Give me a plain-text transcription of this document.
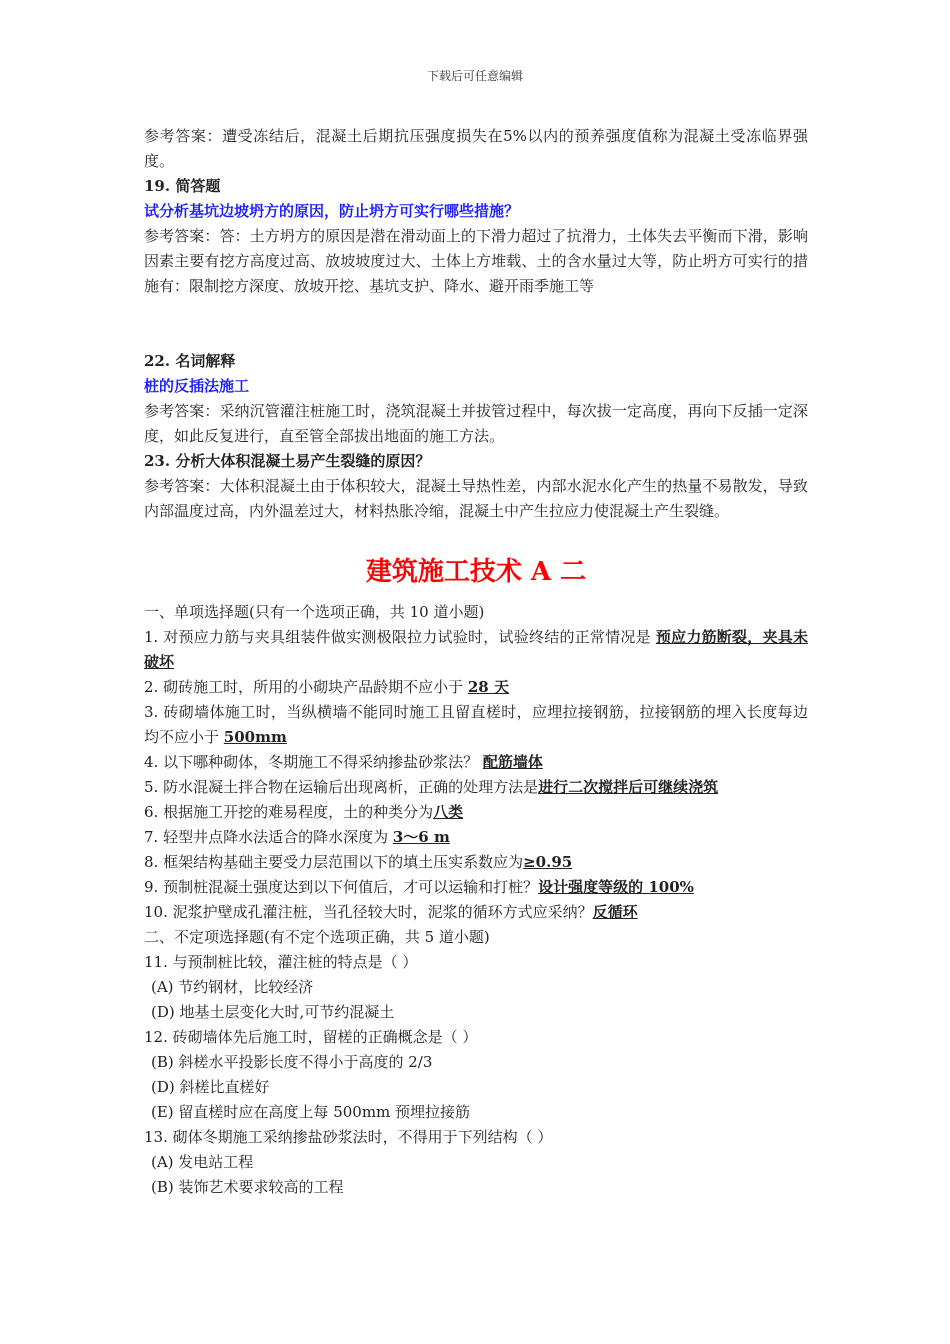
下载后可任意编辑

参考答案：遭受冻结后，混凝土后期抗压强度损失在5%以内的预养强度值称为混凝土受冻临界强度。

19. 简答题

试分析基坑边坡坍方的原因，防止坍方可实行哪些措施？

参考答案：答：土方坍方的原因是潜在滑动面上的下滑力超过了抗滑力，土体失去平衡而下滑，影响因素主要有挖方高度过高、放坡坡度过大、土体上方堆载、土的含水量过大等，防止坍方可实行的措施有：限制挖方深度、放坡开挖、基坑支护、降水、避开雨季施工等

22. 名词解释

桩的反插法施工

参考答案：采纳沉管灌注桩施工时，浇筑混凝土并拔管过程中，每次拔一定高度，再向下反插一定深度，如此反复进行，直至管全部拔出地面的施工方法。

23. 分析大体积混凝土易产生裂缝的原因？

参考答案：大体积混凝土由于体积较大，混凝土导热性差，内部水泥水化产生的热量不易散发，导致内部温度过高，内外温差过大，材料热胀冷缩，混凝土中产生拉应力使混凝土产生裂缝。

建筑施工技术 A 二

一、单项选择题(只有一个选项正确，共 10 道小题)

1. 对预应力筋与夹具组装件做实测极限拉力试验时，试验终结的正常情况是 预应力筋断裂，夹具未破坏

2. 砌砖施工时，所用的小砌块产品龄期不应小于 28 天

3. 砖砌墙体施工时，当纵横墙不能同时施工且留直槎时，应埋拉接钢筋，拉接钢筋的埋入长度每边均不应小于 500mm

4. 以下哪种砌体，冬期施工不得采纳掺盐砂浆法？ 配筋墙体

5. 防水混凝土拌合物在运输后出现离析，正确的处理方法是进行二次搅拌后可继续浇筑

6. 根据施工开挖的难易程度，土的种类分为八类

7. 轻型井点降水法适合的降水深度为 3～6 m

8. 框架结构基础主要受力层范围以下的填土压实系数应为≥0.95

9. 预制桩混凝土强度达到以下何值后，才可以运输和打桩？设计强度等级的 100%

10. 泥浆护壁成孔灌注桩，当孔径较大时，泥浆的循环方式应采纳？反循环

二、不定项选择题(有不定个选项正确，共 5 道小题)

11. 与预制桩比较，灌注桩的特点是（ ）

(A) 节约钢材，比较经济

(D) 地基土层变化大时,可节约混凝土

12. 砖砌墙体先后施工时，留槎的正确概念是（ ）

(B) 斜槎水平投影长度不得小于高度的 2/3

(D) 斜槎比直槎好

(E) 留直槎时应在高度上每 500mm 预埋拉接筋

13. 砌体冬期施工采纳掺盐砂浆法时，不得用于下列结构（ ）

(A) 发电站工程

(B) 装饰艺术要求较高的工程
